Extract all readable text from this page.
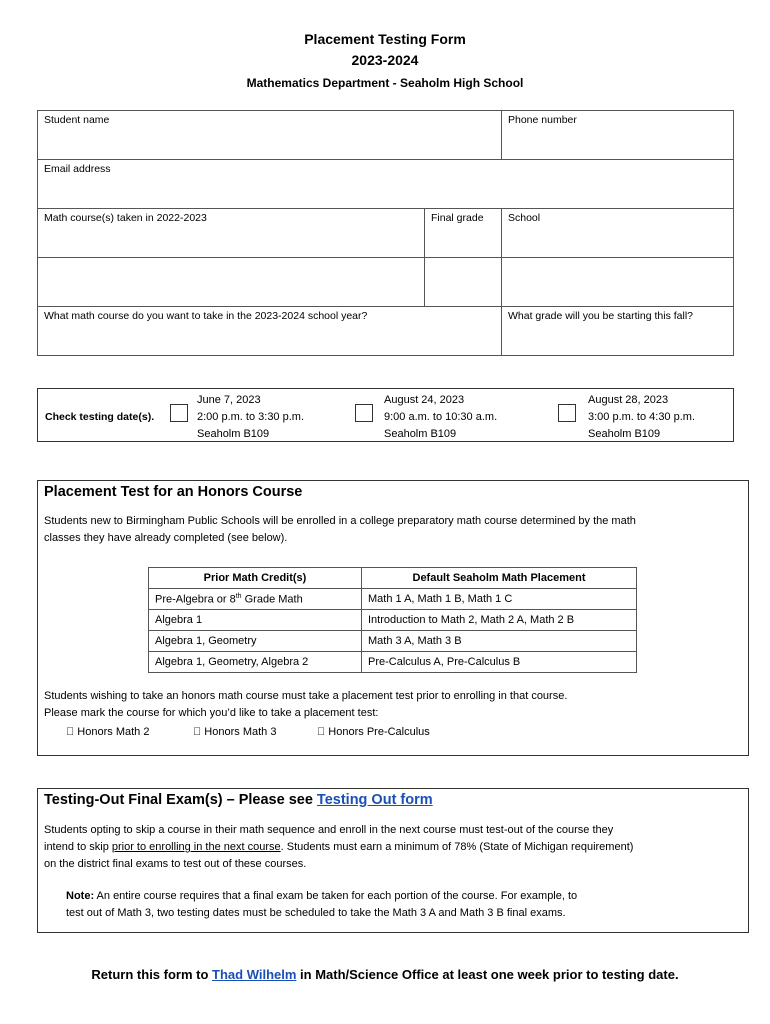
Placement Testing Form
2023-2024
Mathematics Department - Seaholm High School
Student name	Phone number
Email address
Math course(s) taken in 2022-2023	Final grade	School
What math course do you want to take in the 2023-2024 school year?	What grade will you be starting this fall?
Check testing date(s).
June 7, 2023
2:00 p.m. to 3:30 p.m.
Seaholm B109
August 24, 2023
9:00 a.m. to 10:30 a.m.
Seaholm B109
August 28, 2023
3:00 p.m. to 4:30 p.m.
Seaholm B109
Placement Test for an Honors Course
Students new to Birmingham Public Schools will be enrolled in a college preparatory math course determined by the math
classes they have already completed (see below).
Prior Math Credit(s)	Default Seaholm Math Placement
Pre-Algebra or 8th Grade Math	Math 1 A, Math 1 B, Math 1 C
Algebra 1	Introduction to Math 2, Math 2 A, Math 2 B
Algebra 1, Geometry	Math 3 A, Math 3 B
Algebra 1, Geometry, Algebra 2	Pre-Calculus A, Pre-Calculus B
Students wishing to take an honors math course must take a placement test prior to enrolling in that course.
Please mark the course for which you’d like to take a placement test:
Honors Math 2	Honors Math 3	Honors Pre-Calculus
Testing-Out Final Exam(s) – Please see Testing Out form
Students opting to skip a course in their math sequence and enroll in the next course must test-out of the course they
intend to skip prior to enrolling in the next course. Students must earn a minimum of 78% (State of Michigan requirement)
on the district final exams to test out of these courses.
Note: An entire course requires that a final exam be taken for each portion of the course. For example, to
test out of Math 3, two testing dates must be scheduled to take the Math 3 A and Math 3 B final exams.
Return this form to Thad Wilhelm in Math/Science Office at least one week prior to testing date.
